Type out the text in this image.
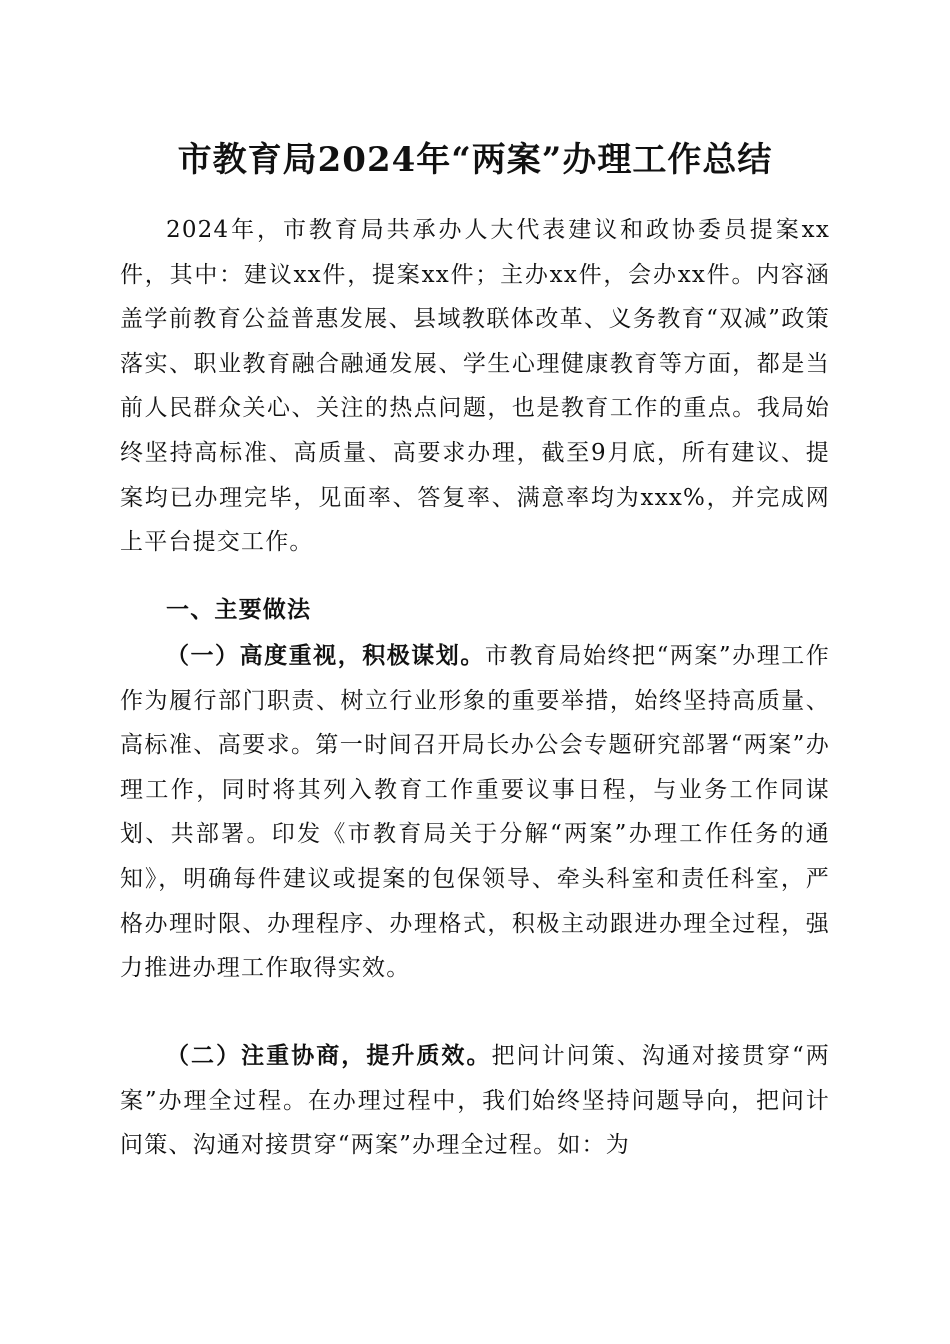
市教育局2024年“两案”办理工作总结

2024年，市教育局共承办人大代表建议和政协委员提案xx件，其中：建议xx件，提案xx件；主办xx件，会办xx件。内容涵盖学前教育公益普惠发展、县域教联体改革、义务教育“双减”政策落实、职业教育融合融通发展、学生心理健康教育等方面，都是当前人民群众关心、关注的热点问题，也是教育工作的重点。我局始终坚持高标准、高质量、高要求办理，截至9月底，所有建议、提案均已办理完毕，见面率、答复率、满意率均为xxx%，并完成网上平台提交工作。

一、主要做法

（一）高度重视，积极谋划。市教育局始终把“两案”办理工作作为履行部门职责、树立行业形象的重要举措，始终坚持高质量、高标准、高要求。第一时间召开局长办公会专题研究部署“两案”办理工作，同时将其列入教育工作重要议事日程，与业务工作同谋划、共部署。印发《市教育局关于分解“两案”办理工作任务的通知》，明确每件建议或提案的包保领导、牵头科室和责任科室，严格办理时限、办理程序、办理格式，积极主动跟进办理全过程，强力推进办理工作取得实效。

（二）注重协商，提升质效。把问计问策、沟通对接贯穿“两案”办理全过程。在办理过程中，我们始终坚持问题导向，把问计问策、沟通对接贯穿“两案”办理全过程。如：为
